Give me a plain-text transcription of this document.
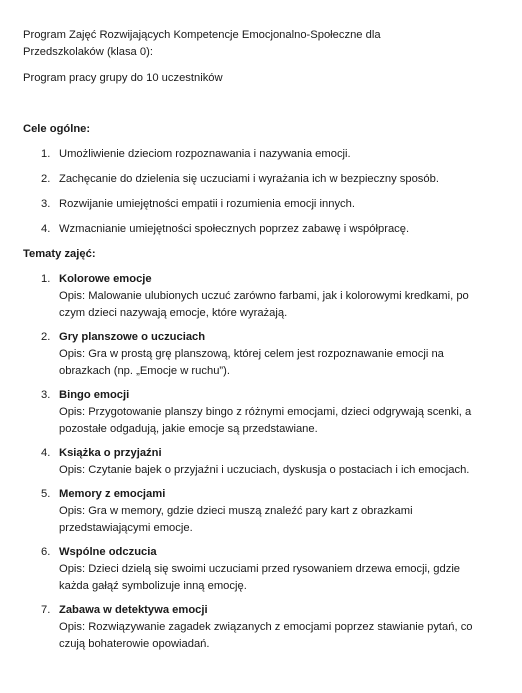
Program Zajęć Rozwijających Kompetencje Emocjonalno-Społeczne dla

Przedszkolaków (klasa 0):

Program pracy grupy do 10 uczestników

Cele ogólne:

1. Umożliwienie dzieciom rozpoznawania i nazywania emocji.
2. Zachęcanie do dzielenia się uczuciami i wyrażania ich w bezpieczny sposób.
3. Rozwijanie umiejętności empatii i rozumienia emocji innych.
4. Wzmacnianie umiejętności społecznych poprzez zabawę i współpracę.

Tematy zajęć:

1. Kolorowe emocje
Opis: Malowanie ulubionych uczuć zarówno farbami, jak i kolorowymi kredkami, po czym dzieci nazywają emocje, które wyrażają.
2. Gry planszowe o uczuciach
Opis: Gra w prostą grę planszową, której celem jest rozpoznawanie emocji na obrazkach (np. „Emocje w ruchu”).
3. Bingo emocji
Opis: Przygotowanie planszy bingo z różnymi emocjami, dzieci odgrywają scenki, a pozostałe odgadują, jakie emocje są przedstawiane.
4. Książka o przyjaźni
Opis: Czytanie bajek o przyjaźni i uczuciach, dyskusja o postaciach i ich emocjach.
5. Memory z emocjami
Opis: Gra w memory, gdzie dzieci muszą znaleźć pary kart z obrazkami przedstawiającymi emocje.
6. Wspólne odczucia
Opis: Dzieci dzielą się swoimi uczuciami przed rysowaniem drzewa emocji, gdzie każda gałąź symbolizuje inną emocję.
7. Zabawa w detektywa emocji
Opis: Rozwiązywanie zagadek związanych z emocjami poprzez stawianie pytań, co czują bohaterowie opowiadań.
